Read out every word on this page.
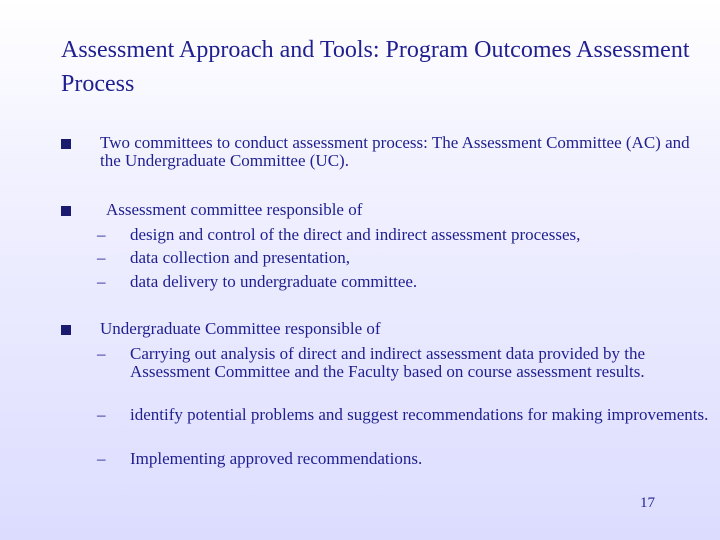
Assessment Approach and Tools: Program Outcomes Assessment Process
Two committees to conduct assessment process: The Assessment Committee (AC) and the Undergraduate Committee (UC).
Assessment committee responsible of
–	design and control of the direct and indirect assessment processes,
–	data collection and presentation,
–	data delivery to undergraduate committee.
Undergraduate Committee responsible of
–	Carrying out analysis of direct and indirect assessment data provided by the Assessment Committee and the Faculty based on course assessment results.
–	identify potential problems and suggest recommendations for making improvements.
–	Implementing approved recommendations.
17
